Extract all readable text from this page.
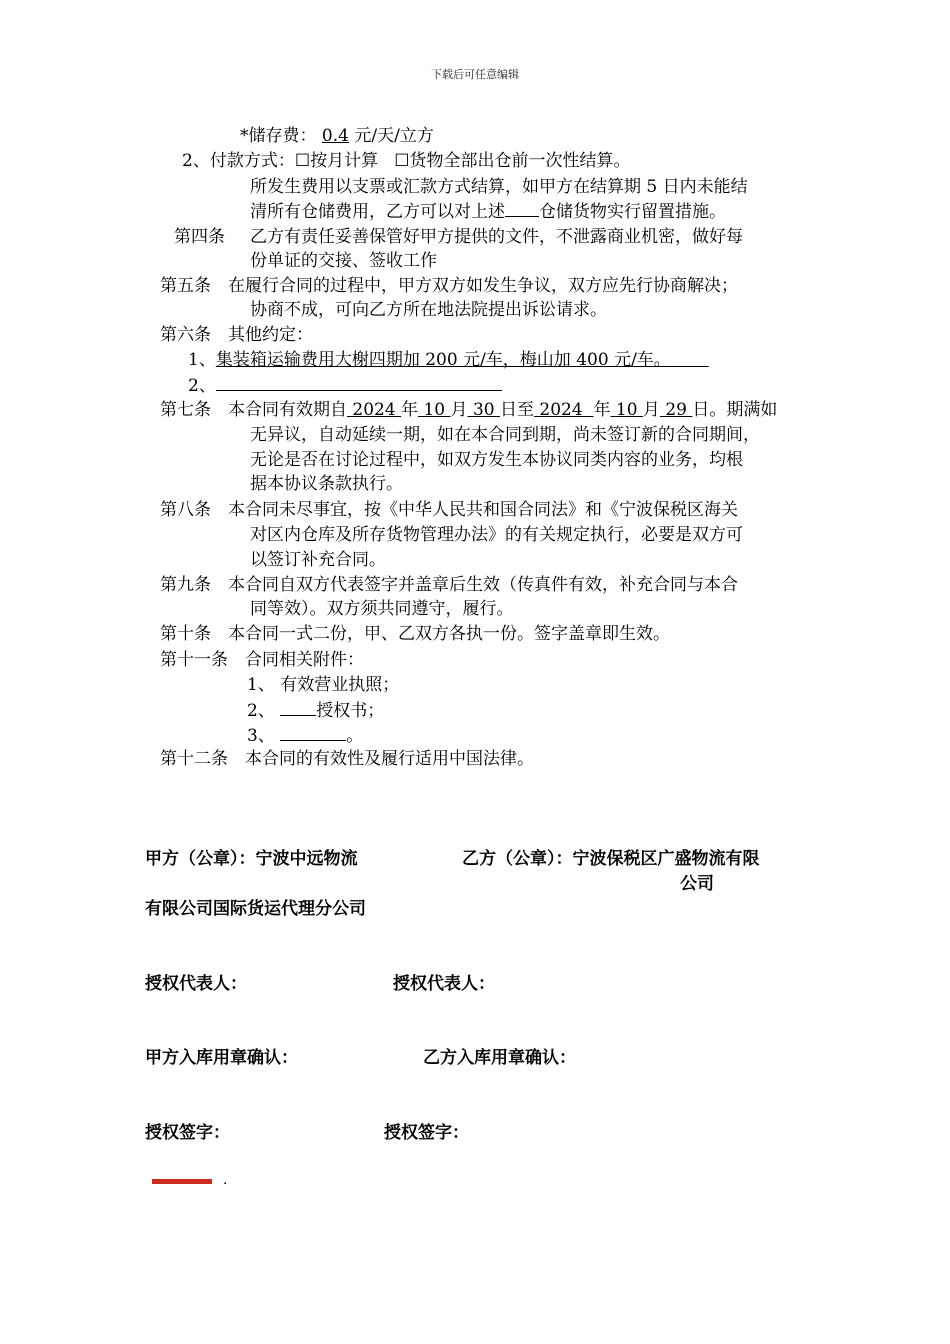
下载后可任意编辑
*储存费： 0.4 元/天/立方
2、付款方式：☐按月计算 ☐货物全部出仓前一次性结算。
所发生费用以支票或汇款方式结算，如甲方在结算期 5 日内未能结
清所有仓储费用，乙方可以对上述 仓储货物实行留置措施。
第四条 乙方有责任妥善保管好甲方提供的文件，不泄露商业机密，做好每
份单证的交接、签收工作
第五条 在履行合同的过程中，甲方双方如发生争议，双方应先行协商解决；
协商不成，可向乙方所在地法院提出诉讼请求。
第六条 其他约定：
1、集装箱运输费用大榭四期加 200 元/车，梅山加 400 元/车。
2、
第七条 本合同有效期自 2024 年 10 月 30 日至 2024 年 10 月 29 日。期满如
无异议，自动延续一期，如在本合同到期，尚未签订新的合同期间，
无论是否在讨论过程中，如双方发生本协议同类内容的业务，均根
据本协议条款执行。
第八条 本合同未尽事宜，按《中华人民共和国合同法》和《宁波保税区海关
对区内仓库及所存货物管理办法》的有关规定执行，必要是双方可
以签订补充合同。
第九条 本合同自双方代表签字并盖章后生效（传真件有效，补充合同与本合
同等效）。双方须共同遵守，履行。
第十条 本合同一式二份，甲、乙双方各执一份。签字盖章即生效。
第十一条 合同相关附件：
1、 有效营业执照；
2、 授权书；
3、	。
第十二条 本合同的有效性及履行适用中国法律。
甲方（公章）：宁波中远物流
有限公司国际货运代理分公司
乙方（公章）：宁波保税区广盛物流有限
公司
授权代表人：	授权代表人：
甲方入库用章确认：	乙方入库用章确认：
授权签字：	授权签字：
.
